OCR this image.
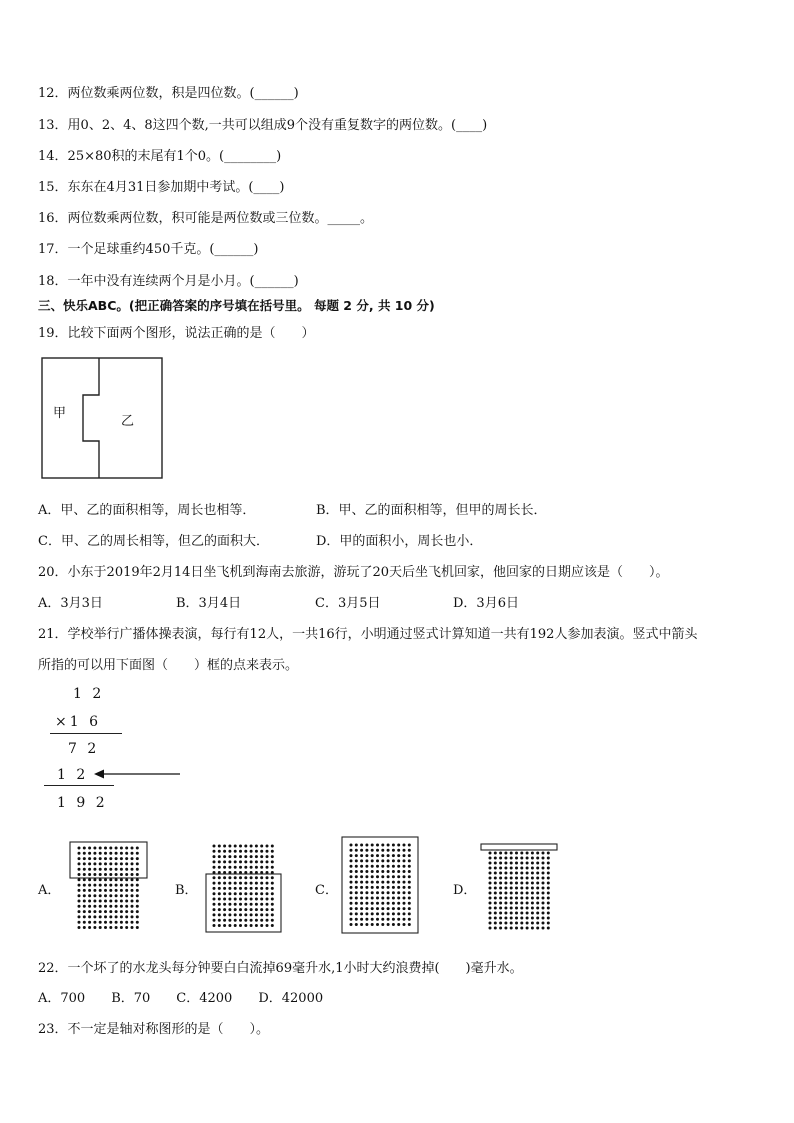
12．两位数乘两位数，积是四位数。(______)
13．用0、2、4、8这四个数,一共可以组成9个没有重复数字的两位数。(____)
14．25×80积的末尾有1个0。(________)
15．东东在4月31日参加期中考试。(____)
16．两位数乘两位数，积可能是两位数或三位数。_____。
17．一个足球重约450千克。(______)
18．一年中没有连续两个月是小月。(______)
三、快乐ABC。(把正确答案的序号填在括号里。 每题 2 分, 共 10 分)
19．比较下面两个图形，说法正确的是（　　）
甲
乙
A．甲、乙的面积相等，周长也相等．	B．甲、乙的面积相等，但甲的周长长．
C．甲、乙的周长相等，但乙的面积大．	D．甲的面积小，周长也小．
20．小东于2019年2月14日坐飞机到海南去旅游，游玩了20天后坐飞机回家，他回家的日期应该是（　　）。
A．3月3日	B．3月4日	C．3月5日	D．3月6日
21．学校举行广播体操表演，每行有12人，一共16行，小明通过竖式计算知道一共有192人参加表演。竖式中箭头
所指的可以用下面图（　　）框的点来表示。
1 2
×1 6
7 2
1 2
1 9 2
A．	B．	C．	D．
22．一个坏了的水龙头每分钟要白白流掉69毫升水,1小时大约浪费掉(　　)毫升水。
A．700　　B．70　　C．4200　　D．42000
23．不一定是轴对称图形的是（　　）。
